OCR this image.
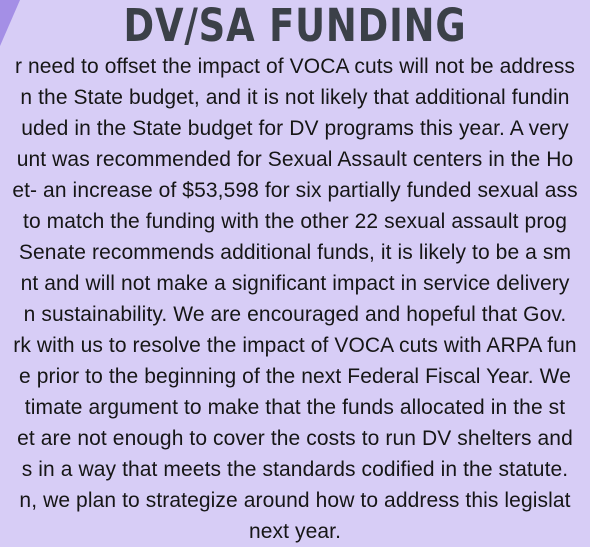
DV/SA FUNDING
r need to offset the impact of VOCA cuts will not be address
n the State budget, and it is not likely that additional fundin
uded in the State budget for DV programs this year. A very
unt was recommended for Sexual Assault centers in the Ho
et- an increase of $53,598 for six partially funded sexual ass
to match the funding with the other 22 sexual assault prog
Senate recommends additional funds, it is likely to be a sm
nt and will not make a significant impact in service delivery
n sustainability. We are encouraged and hopeful that Gov.
rk with us to resolve the impact of VOCA cuts with ARPA fun
e prior to the beginning of the next Federal Fiscal Year. We
timate argument to make that the funds allocated in the st
et are not enough to cover the costs to run DV shelters and
s in a way that meets the standards codified in the statute.
n, we plan to strategize around how to address this legislat
next year.
